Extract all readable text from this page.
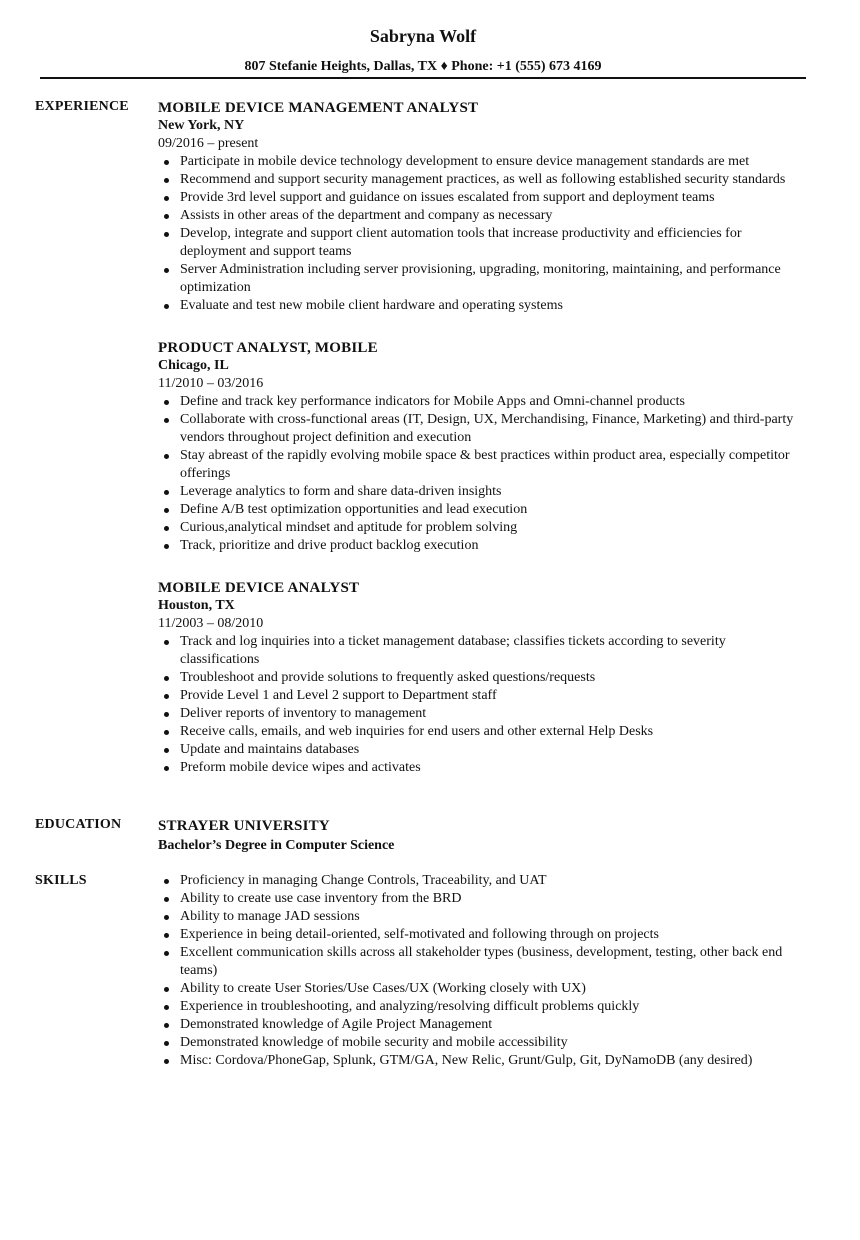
Sabryna Wolf
807 Stefanie Heights, Dallas, TX ♦ Phone: +1 (555) 673 4169
EXPERIENCE MOBILE DEVICE MANAGEMENT ANALYST
New York, NY
09/2016 – present
Participate in mobile device technology development to ensure device management standards are met
Recommend and support security management practices, as well as following established security standards
Provide 3rd level support and guidance on issues escalated from support and deployment teams
Assists in other areas of the department and company as necessary
Develop, integrate and support client automation tools that increase productivity and efficiencies for deployment and support teams
Server Administration including server provisioning, upgrading, monitoring, maintaining, and performance optimization
Evaluate and test new mobile client hardware and operating systems
PRODUCT ANALYST, MOBILE
Chicago, IL
11/2010 – 03/2016
Define and track key performance indicators for Mobile Apps and Omni-channel products
Collaborate with cross-functional areas (IT, Design, UX, Merchandising, Finance, Marketing) and third-party vendors throughout project definition and execution
Stay abreast of the rapidly evolving mobile space & best practices within product area, especially competitor offerings
Leverage analytics to form and share data-driven insights
Define A/B test optimization opportunities and lead execution
Curious,analytical mindset and aptitude for problem solving
Track, prioritize and drive product backlog execution
MOBILE DEVICE ANALYST
Houston, TX
11/2003 – 08/2010
Track and log inquiries into a ticket management database; classifies tickets according to severity classifications
Troubleshoot and provide solutions to frequently asked questions/requests
Provide Level 1 and Level 2 support to Department staff
Deliver reports of inventory to management
Receive calls, emails, and web inquiries for end users and other external Help Desks
Update and maintains databases
Preform mobile device wipes and activates
EDUCATION STRAYER UNIVERSITY
Bachelor’s Degree in Computer Science
SKILLS	Proficiency in managing Change Controls, Traceability, and UAT
Ability to create use case inventory from the BRD
Ability to manage JAD sessions
Experience in being detail-oriented, self-motivated and following through on projects
Excellent communication skills across all stakeholder types (business, development, testing, other back end teams)
Ability to create User Stories/Use Cases/UX (Working closely with UX)
Experience in troubleshooting, and analyzing/resolving difficult problems quickly
Demonstrated knowledge of Agile Project Management
Demonstrated knowledge of mobile security and mobile accessibility
Misc: Cordova/PhoneGap, Splunk, GTM/GA, New Relic, Grunt/Gulp, Git, DyNamoDB (any desired)
